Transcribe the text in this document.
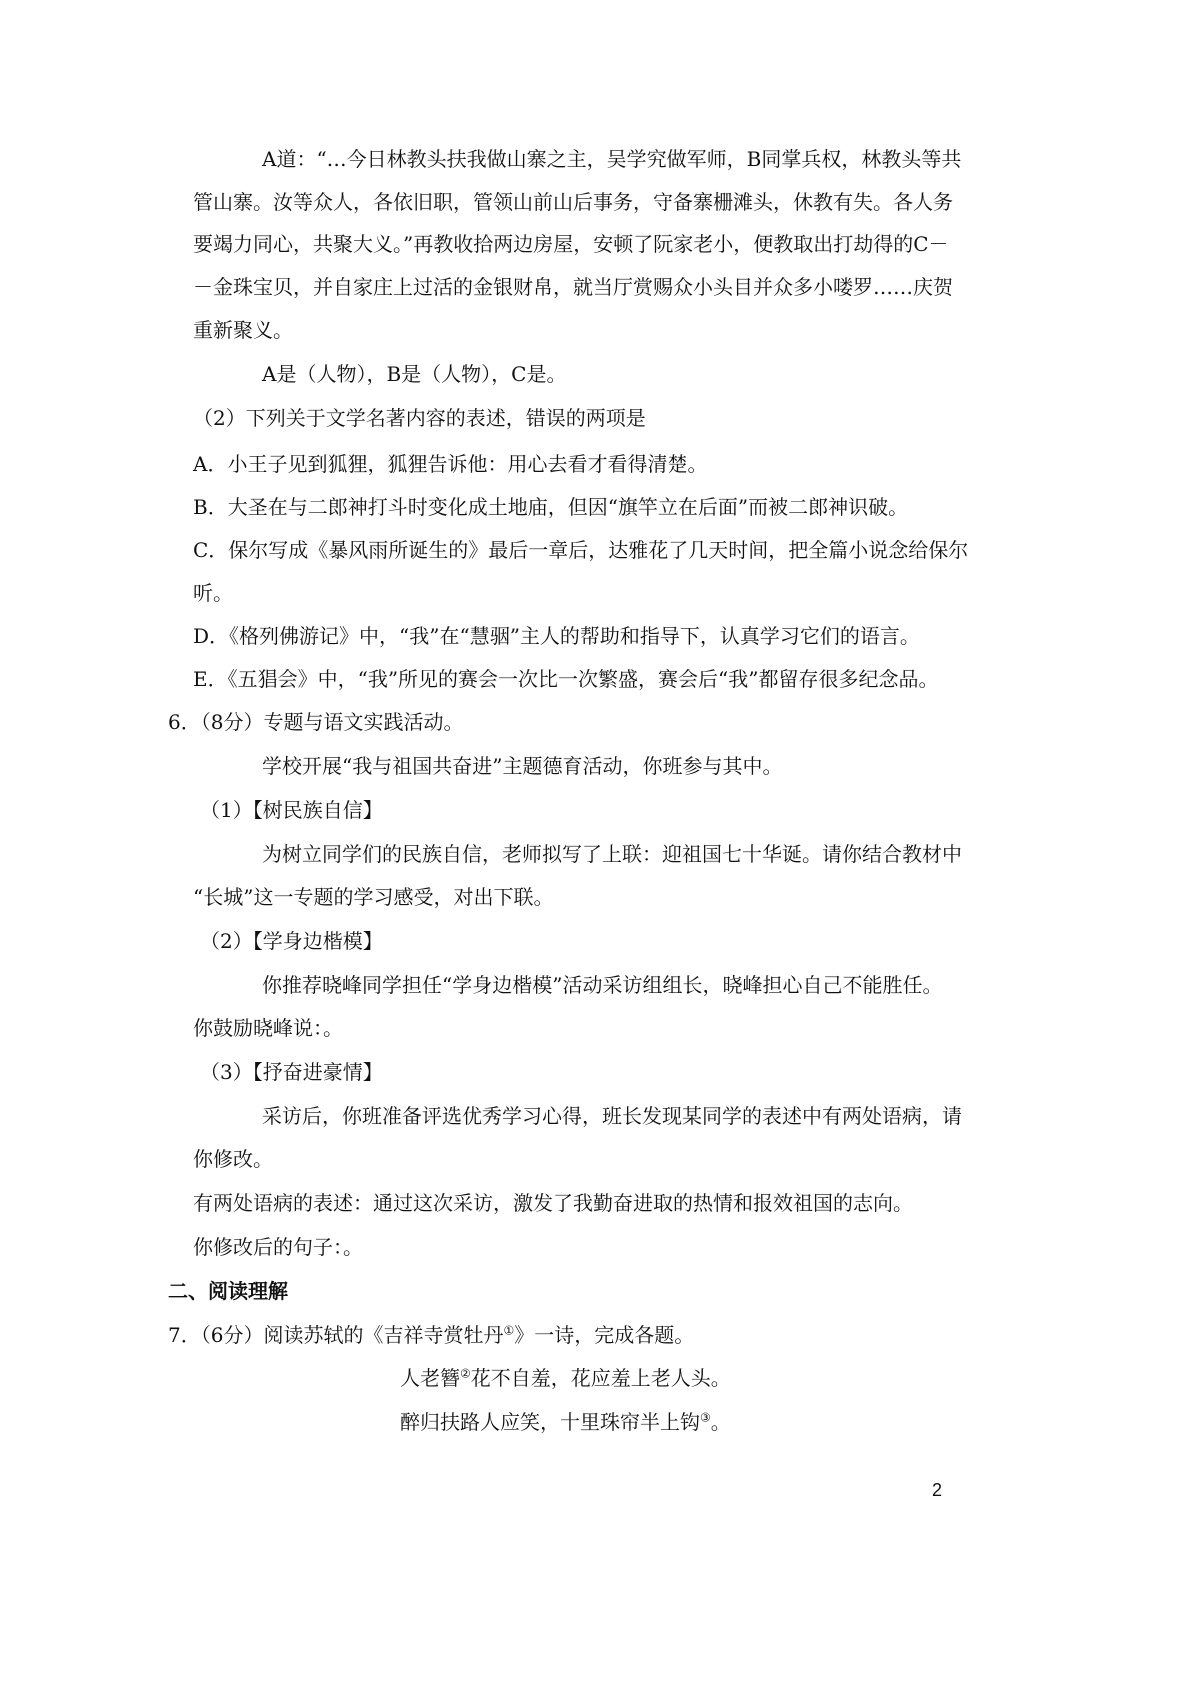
A道：“…今日林教头扶我做山寨之主，吴学究做军师，B同掌兵权，林教头等共
管山寨。汝等众人，各依旧职，管领山前山后事务，守备寨栅滩头，休教有失。各人务
要竭力同心，共聚大义。”再教收拾两边房屋，安顿了阮家老小，便教取出打劫得的C－
－金珠宝贝，并自家庄上过活的金银财帛，就当厅赏赐众小头目并众多小喽罗……庆贺
重新聚义。
A是（人物），B是（人物），C是。
（2）下列关于文学名著内容的表述，错误的两项是
A．小王子见到狐狸，狐狸告诉他：用心去看才看得清楚。
B．大圣在与二郎神打斗时变化成土地庙，但因“旗竿立在后面”而被二郎神识破。
C．保尔写成《暴风雨所诞生的》最后一章后，达雅花了几天时间，把全篇小说念给保尔
听。
D．《格列佛游记》中，“我”在“慧骃”主人的帮助和指导下，认真学习它们的语言。
E．《五猖会》中，“我”所见的赛会一次比一次繁盛，赛会后“我”都留存很多纪念品。
6．（8分）专题与语文实践活动。
学校开展“我与祖国共奋进”主题德育活动，你班参与其中。
（1）【树民族自信】
为树立同学们的民族自信，老师拟写了上联：迎祖国七十华诞。请你结合教材中
“长城”这一专题的学习感受，对出下联。
（2）【学身边楷模】
你推荐晓峰同学担任“学身边楷模”活动采访组组长，晓峰担心自己不能胜任。
你鼓励晓峰说：。
（3）【抒奋进豪情】
采访后，你班准备评选优秀学习心得，班长发现某同学的表述中有两处语病，请
你修改。
有两处语病的表述：通过这次采访，激发了我勤奋进取的热情和报效祖国的志向。
你修改后的句子：。
二、阅读理解
7．（6分）阅读苏轼的《吉祥寺赏牡丹①》一诗，完成各题。
人老簪②花不自羞，花应羞上老人头。
醉归扶路人应笑，十里珠帘半上钩③。
2
